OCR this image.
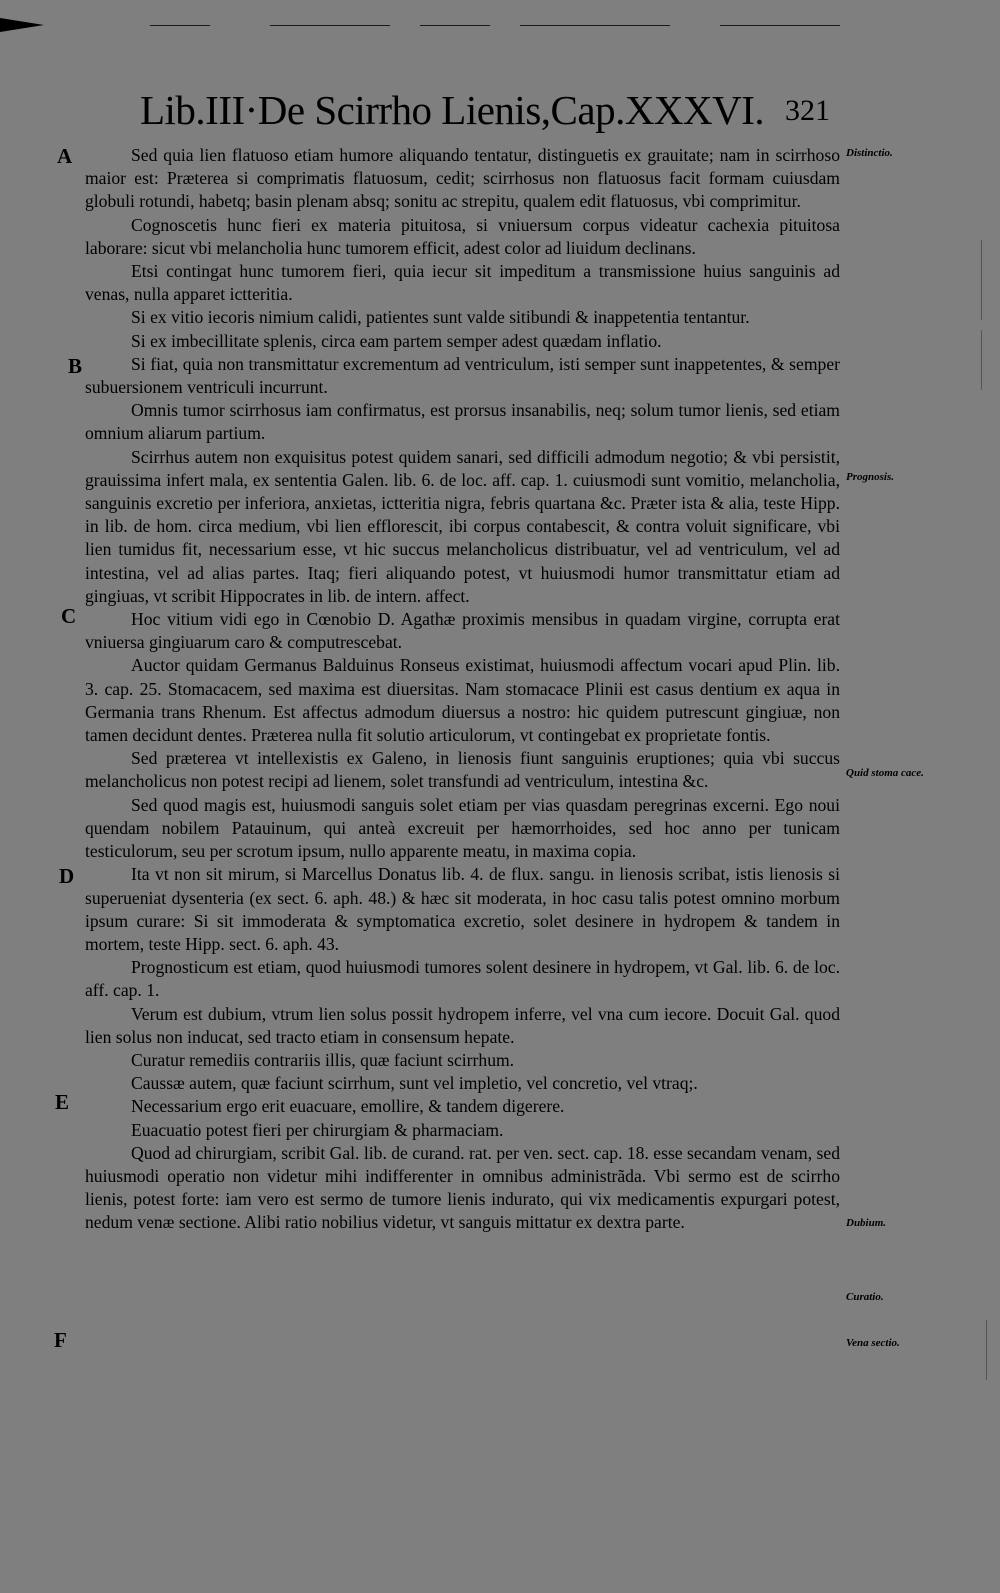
Lib.III·De Scirrho Lienis,Cap.XXXVI. 321
A
B
C
D
E
F
Distinctio.
Prognosis.
Quid stoma cace.
Dubium.
Curatio.
Vena sectio.

Sed quia lien flatuoso etiam humore aliquando tentatur, distinguetis ex grauitate; nam in scirrhoso maior est: Præterea si comprimatis flatuosum, cedit; scirrhosus non flatuosus facit formam cuiusdam globuli rotundi, habetq; basin plenam absq; sonitu ac strepitu, qualem edit flatuosus, vbi comprimitur.

Cognoscetis hunc fieri ex materia pituitosa, si vniuersum corpus videatur cachexia pituitosa laborare: sicut vbi melancholia hunc tumorem efficit, adest color ad liuidum declinans.

Etsi contingat hunc tumorem fieri, quia iecur sit impeditum a transmissione huius sanguinis ad venas, nulla apparet ictteritia.

Si ex vitio iecoris nimium calidi, patientes sunt valde sitibundi & inappetentia tentantur.

Si ex imbecillitate splenis, circa eam partem semper adest quædam inflatio.

Si fiat, quia non transmittatur excrementum ad ventriculum, isti semper sunt inappetentes, & semper subuersionem ventriculi incurrunt.

Omnis tumor scirrhosus iam confirmatus, est prorsus insanabilis, neq; solum tumor lienis, sed etiam omnium aliarum partium.

Scirrhus autem non exquisitus potest quidem sanari, sed difficili admodum negotio; & vbi persistit, grauissima infert mala, ex sententia Galen. lib. 6. de loc. aff. cap. 1. cuiusmodi sunt vomitio, melancholia, sanguinis excretio per inferiora, anxietas, ictteritia nigra, febris quartana &c. Præter ista & alia, teste Hipp. in lib. de hom. circa medium, vbi lien efflorescit, ibi corpus contabescit, & contra voluit significare, vbi lien tumidus fit, necessarium esse, vt hic succus melancholicus distribuatur, vel ad ventriculum, vel ad intestina, vel ad alias partes. Itaq; fieri aliquando potest, vt huiusmodi humor transmittatur etiam ad gingiuas, vt scribit Hippocrates in lib. de intern. affect.

Hoc vitium vidi ego in Cœnobio D. Agathæ proximis mensibus in quadam virgine, corrupta erat vniuersa gingiuarum caro & computrescebat.

Auctor quidam Germanus Balduinus Ronseus existimat, huiusmodi affectum vocari apud Plin. lib. 3. cap. 25. Stomacacem, sed maxima est diuersitas. Nam stomacace Plinii est casus dentium ex aqua in Germania trans Rhenum. Est affectus admodum diuersus a nostro: hic quidem putrescunt gingiuæ, non tamen decidunt dentes. Præterea nulla fit solutio articulorum, vt contingebat ex proprietate fontis.

Sed præterea vt intellexistis ex Galeno, in lienosis fiunt sanguinis eruptiones; quia vbi succus melancholicus non potest recipi ad lienem, solet transfundi ad ventriculum, intestina &c.

Sed quod magis est, huiusmodi sanguis solet etiam per vias quasdam peregrinas excerni. Ego noui quendam nobilem Patauinum, qui anteà excreuit per hæmorrhoides, sed hoc anno per tunicam testiculorum, seu per scrotum ipsum, nullo apparente meatu, in maxima copia.

Ita vt non sit mirum, si Marcellus Donatus lib. 4. de flux. sangu. in lienosis scribat, istis lienosis si superueniat dysenteria (ex sect. 6. aph. 48.) & hæc sit moderata, in hoc casu talis potest omnino morbum ipsum curare: Si sit immoderata & symptomatica excretio, solet desinere in hydropem & tandem in mortem, teste Hipp. sect. 6. aph. 43.

Prognosticum est etiam, quod huiusmodi tumores solent desinere in hydropem, vt Gal. lib. 6. de loc. aff. cap. 1.

Verum est dubium, vtrum lien solus possit hydropem inferre, vel vna cum iecore. Docuit Gal. quod lien solus non inducat, sed tracto etiam in consensum hepate.

Curatur remediis contrariis illis, quæ faciunt scirrhum.

Caussæ autem, quæ faciunt scirrhum, sunt vel impletio, vel concretio, vel vtraq;.

Necessarium ergo erit euacuare, emollire, & tandem digerere.

Euacuatio potest fieri per chirurgiam & pharmaciam.

Quod ad chirurgiam, scribit Gal. lib. de curand. rat. per ven. sect. cap. 18. esse secandam venam, sed huiusmodi operatio non videtur mihi indifferenter in omnibus administrãda. Vbi sermo est de scirrho lienis, potest forte: iam vero est sermo de tumore lienis indurato, qui vix medicamentis expurgari potest, nedum venæ sectione. Alibi ratio nobilius videtur, vt sanguis mittatur ex dextra parte.
